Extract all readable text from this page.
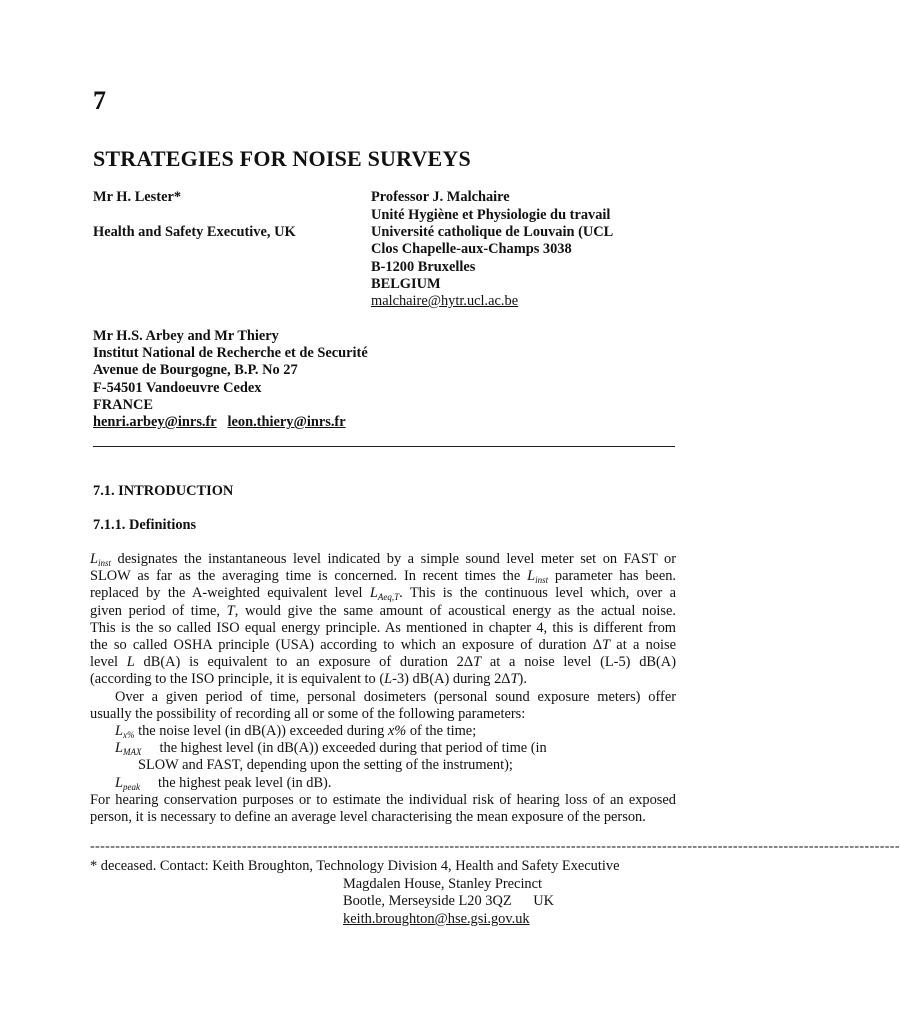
7
STRATEGIES FOR NOISE SURVEYS
Mr H. Lester*
Health and Safety Executive, UK
Professor J. Malchaire
Unité Hygiène et Physiologie du travail
Université catholique de Louvain (UCL
Clos Chapelle-aux-Champs 3038
B-1200 Bruxelles
BELGIUM
malchaire@hytr.ucl.ac.be
Mr H.S. Arbey and Mr Thiery
Institut National de Recherche et de Securité
Avenue de Bourgogne, B.P. No 27
F-54501 Vandoeuvre Cedex
FRANCE
henri.arbey@inrs.fr leon.thiery@inrs.fr
7.1. INTRODUCTION
7.1.1. Definitions
$L_{inst}$ designates the instantaneous level indicated by a simple sound level meter set on FAST or
SLOW as far as the averaging time is concerned. In recent times the $L_{inst}$ parameter has been.
replaced by the A-weighted equivalent level $L_{Aeq,T}$. This is the continuous level which, over a
given period of time, T, would give the same amount of acoustical energy as the actual noise.
This is the so called ISO equal energy principle. As mentioned in chapter 4, this is different from
the so called OSHA principle (USA) according to which an exposure of duration ΔT at a noise
level L dB(A) is equivalent to an exposure of duration 2ΔT at a noise level (L-5) dB(A)
(according to the ISO principle, it is equivalent to (L-3) dB(A) during 2ΔT).
Over a given period of time, personal dosimeters (personal sound exposure meters) offer
usually the possibility of recording all or some of the following parameters:
$L_{x\%}$ the noise level (in dB(A)) exceeded during x% of the time;
$L_{MAX}$     the highest level (in dB(A)) exceeded during that period of time (in
SLOW and FAST, depending upon the setting of the instrument);
$L_{peak}$     the highest peak level (in dB).
For hearing conservation purposes or to estimate the individual risk of hearing loss of an exposed
person, it is necessary to define an average level characterising the mean exposure of the person.
----------------------------------------------------------------------------------------------------------------------------------------------------------------
* deceased. Contact: Keith Broughton, Technology Division 4, Health and Safety Executive
Magdalen House, Stanley Precinct
Bootle, Merseyside L20 3QZ      UK
keith.broughton@hse.gsi.gov.uk
